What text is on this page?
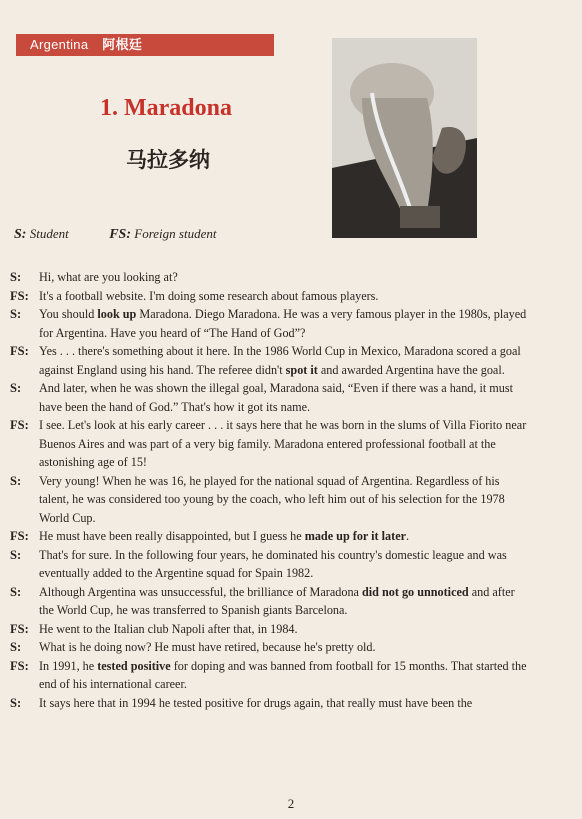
Argentina 阿根廷
1. Maradona
马拉多纳
S: Student	FS: Foreign student
S: Hi, what are you looking at?
FS: It's a football website. I'm doing some research about famous players.
S: You should look up Maradona. Diego Maradona. He was a very famous player in the 1980s, played for Argentina. Have you heard of “The Hand of God”?
FS: Yes . . . there's something about it here. In the 1986 World Cup in Mexico, Maradona scored a goal against England using his hand. The referee didn't spot it and awarded Argentina have the goal.
S: And later, when he was shown the illegal goal, Maradona said, “Even if there was a hand, it must have been the hand of God.” That's how it got its name.
FS: I see. Let's look at his early career . . . it says here that he was born in the slums of Villa Fiorito near Buenos Aires and was part of a very big family. Maradona entered professional football at the astonishing age of 15!
S: Very young! When he was 16, he played for the national squad of Argentina. Regardless of his talent, he was considered too young by the coach, who left him out of his selection for the 1978 World Cup.
FS: He must have been really disappointed, but I guess he made up for it later.
S: That's for sure. In the following four years, he dominated his country's domestic league and was eventually added to the Argentine squad for Spain 1982.
S: Although Argentina was unsuccessful, the brilliance of Maradona did not go unnoticed and after the World Cup, he was transferred to Spanish giants Barcelona.
FS: He went to the Italian club Napoli after that, in 1984.
S: What is he doing now? He must have retired, because he's pretty old.
FS: In 1991, he tested positive for doping and was banned from football for 15 months. That started the end of his international career.
S: It says here that in 1994 he tested positive for drugs again, that really must have been the
2
